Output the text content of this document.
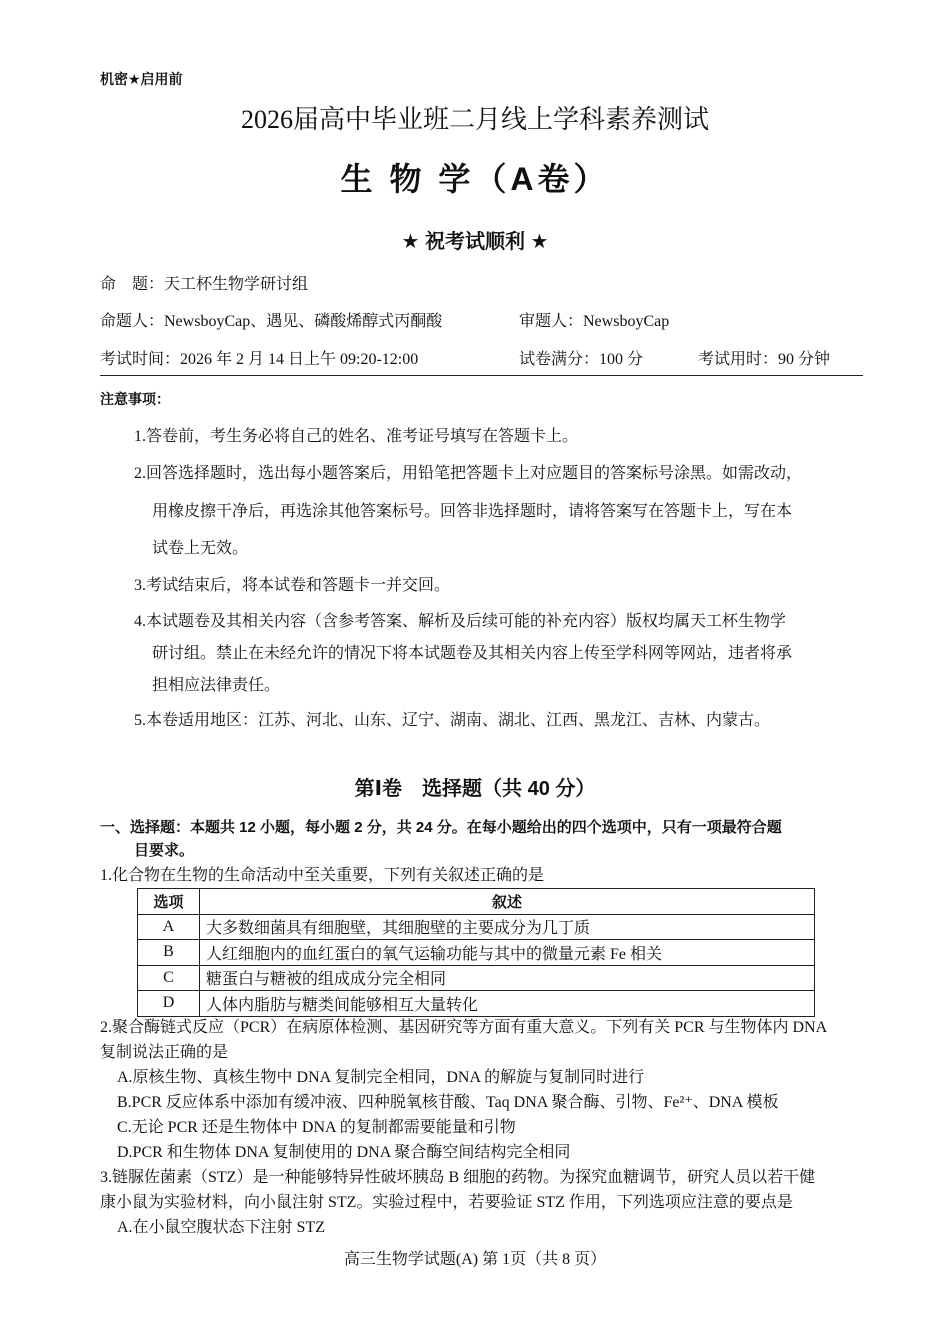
机密★启用前
2026届高中毕业班二月线上学科素养测试
生 物 学（A卷）
★ 祝考试顺利 ★
命　题：天工杯生物学研讨组
命题人：NewsboyCap、遇见、磷酸烯醇式丙酮酸	审题人：NewsboyCap
考试时间：2026 年 2 月 14 日上午 09:20-12:00	试卷满分：100 分	考试用时：90 分钟
注意事项：
1.答卷前，考生务必将自己的姓名、准考证号填写在答题卡上。
2.回答选择题时，选出每小题答案后，用铅笔把答题卡上对应题目的答案标号涂黑。如需改动，
用橡皮擦干净后，再选涂其他答案标号。回答非选择题时，请将答案写在答题卡上，写在本
试卷上无效。
3.考试结束后，将本试卷和答题卡一并交回。
4.本试题卷及其相关内容（含参考答案、解析及后续可能的补充内容）版权均属天工杯生物学
研讨组。禁止在未经允许的情况下将本试题卷及其相关内容上传至学科网等网站，违者将承
担相应法律责任。
5.本卷适用地区：江苏、河北、山东、辽宁、湖南、湖北、江西、黑龙江、吉林、内蒙古。
第Ⅰ卷　选择题（共 40 分）
一、选择题：本题共 12 小题，每小题 2 分，共 24 分。在每小题给出的四个选项中，只有一项最符合题
目要求。
1.化合物在生物的生命活动中至关重要，下列有关叙述正确的是
选项	叙述
A	大多数细菌具有细胞壁，其细胞壁的主要成分为几丁质
B	人红细胞内的血红蛋白的氧气运输功能与其中的微量元素 Fe 相关
C	糖蛋白与糖被的组成成分完全相同
D	人体内脂肪与糖类间能够相互大量转化
2.聚合酶链式反应（PCR）在病原体检测、基因研究等方面有重大意义。下列有关 PCR 与生物体内 DNA
复制说法正确的是
A.原核生物、真核生物中 DNA 复制完全相同，DNA 的解旋与复制同时进行
B.PCR 反应体系中添加有缓冲液、四种脱氧核苷酸、Taq DNA 聚合酶、引物、Fe²⁺、DNA 模板
C.无论 PCR 还是生物体中 DNA 的复制都需要能量和引物
D.PCR 和生物体 DNA 复制使用的 DNA 聚合酶空间结构完全相同
3.链脲佐菌素（STZ）是一种能够特异性破坏胰岛 B 细胞的药物。为探究血糖调节，研究人员以若干健
康小鼠为实验材料，向小鼠注射 STZ。实验过程中，若要验证 STZ 作用，下列选项应注意的要点是
A.在小鼠空腹状态下注射 STZ
高三生物学试题(A) 第 1页（共 8 页）
